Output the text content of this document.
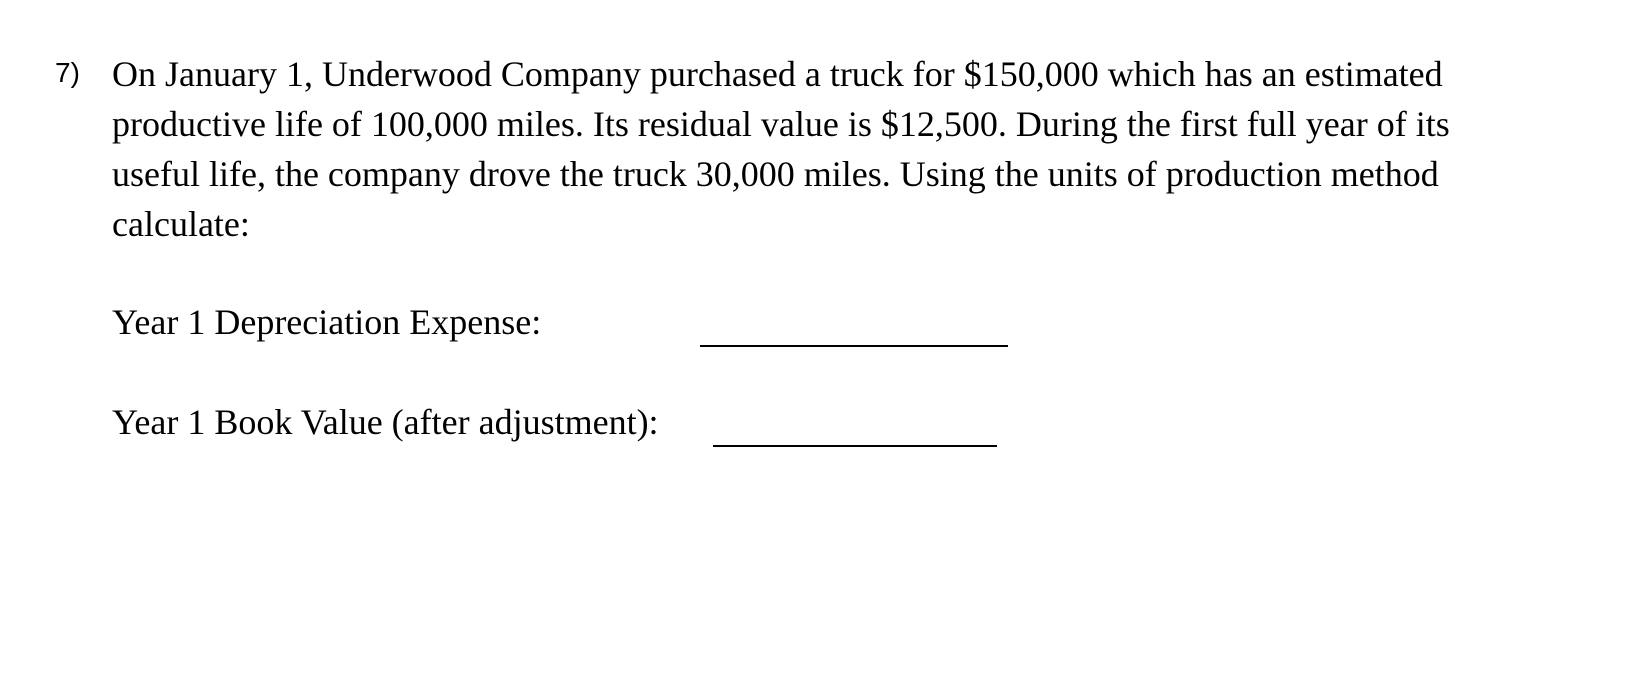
7) On January 1, Underwood Company purchased a truck for $150,000 which has an estimated productive life of 100,000 miles. Its residual value is $12,500. During the first full year of its useful life, the company drove the truck 30,000 miles. Using the units of production method calculate:

Year 1 Depreciation Expense:
Year 1 Book Value (after adjustment):
